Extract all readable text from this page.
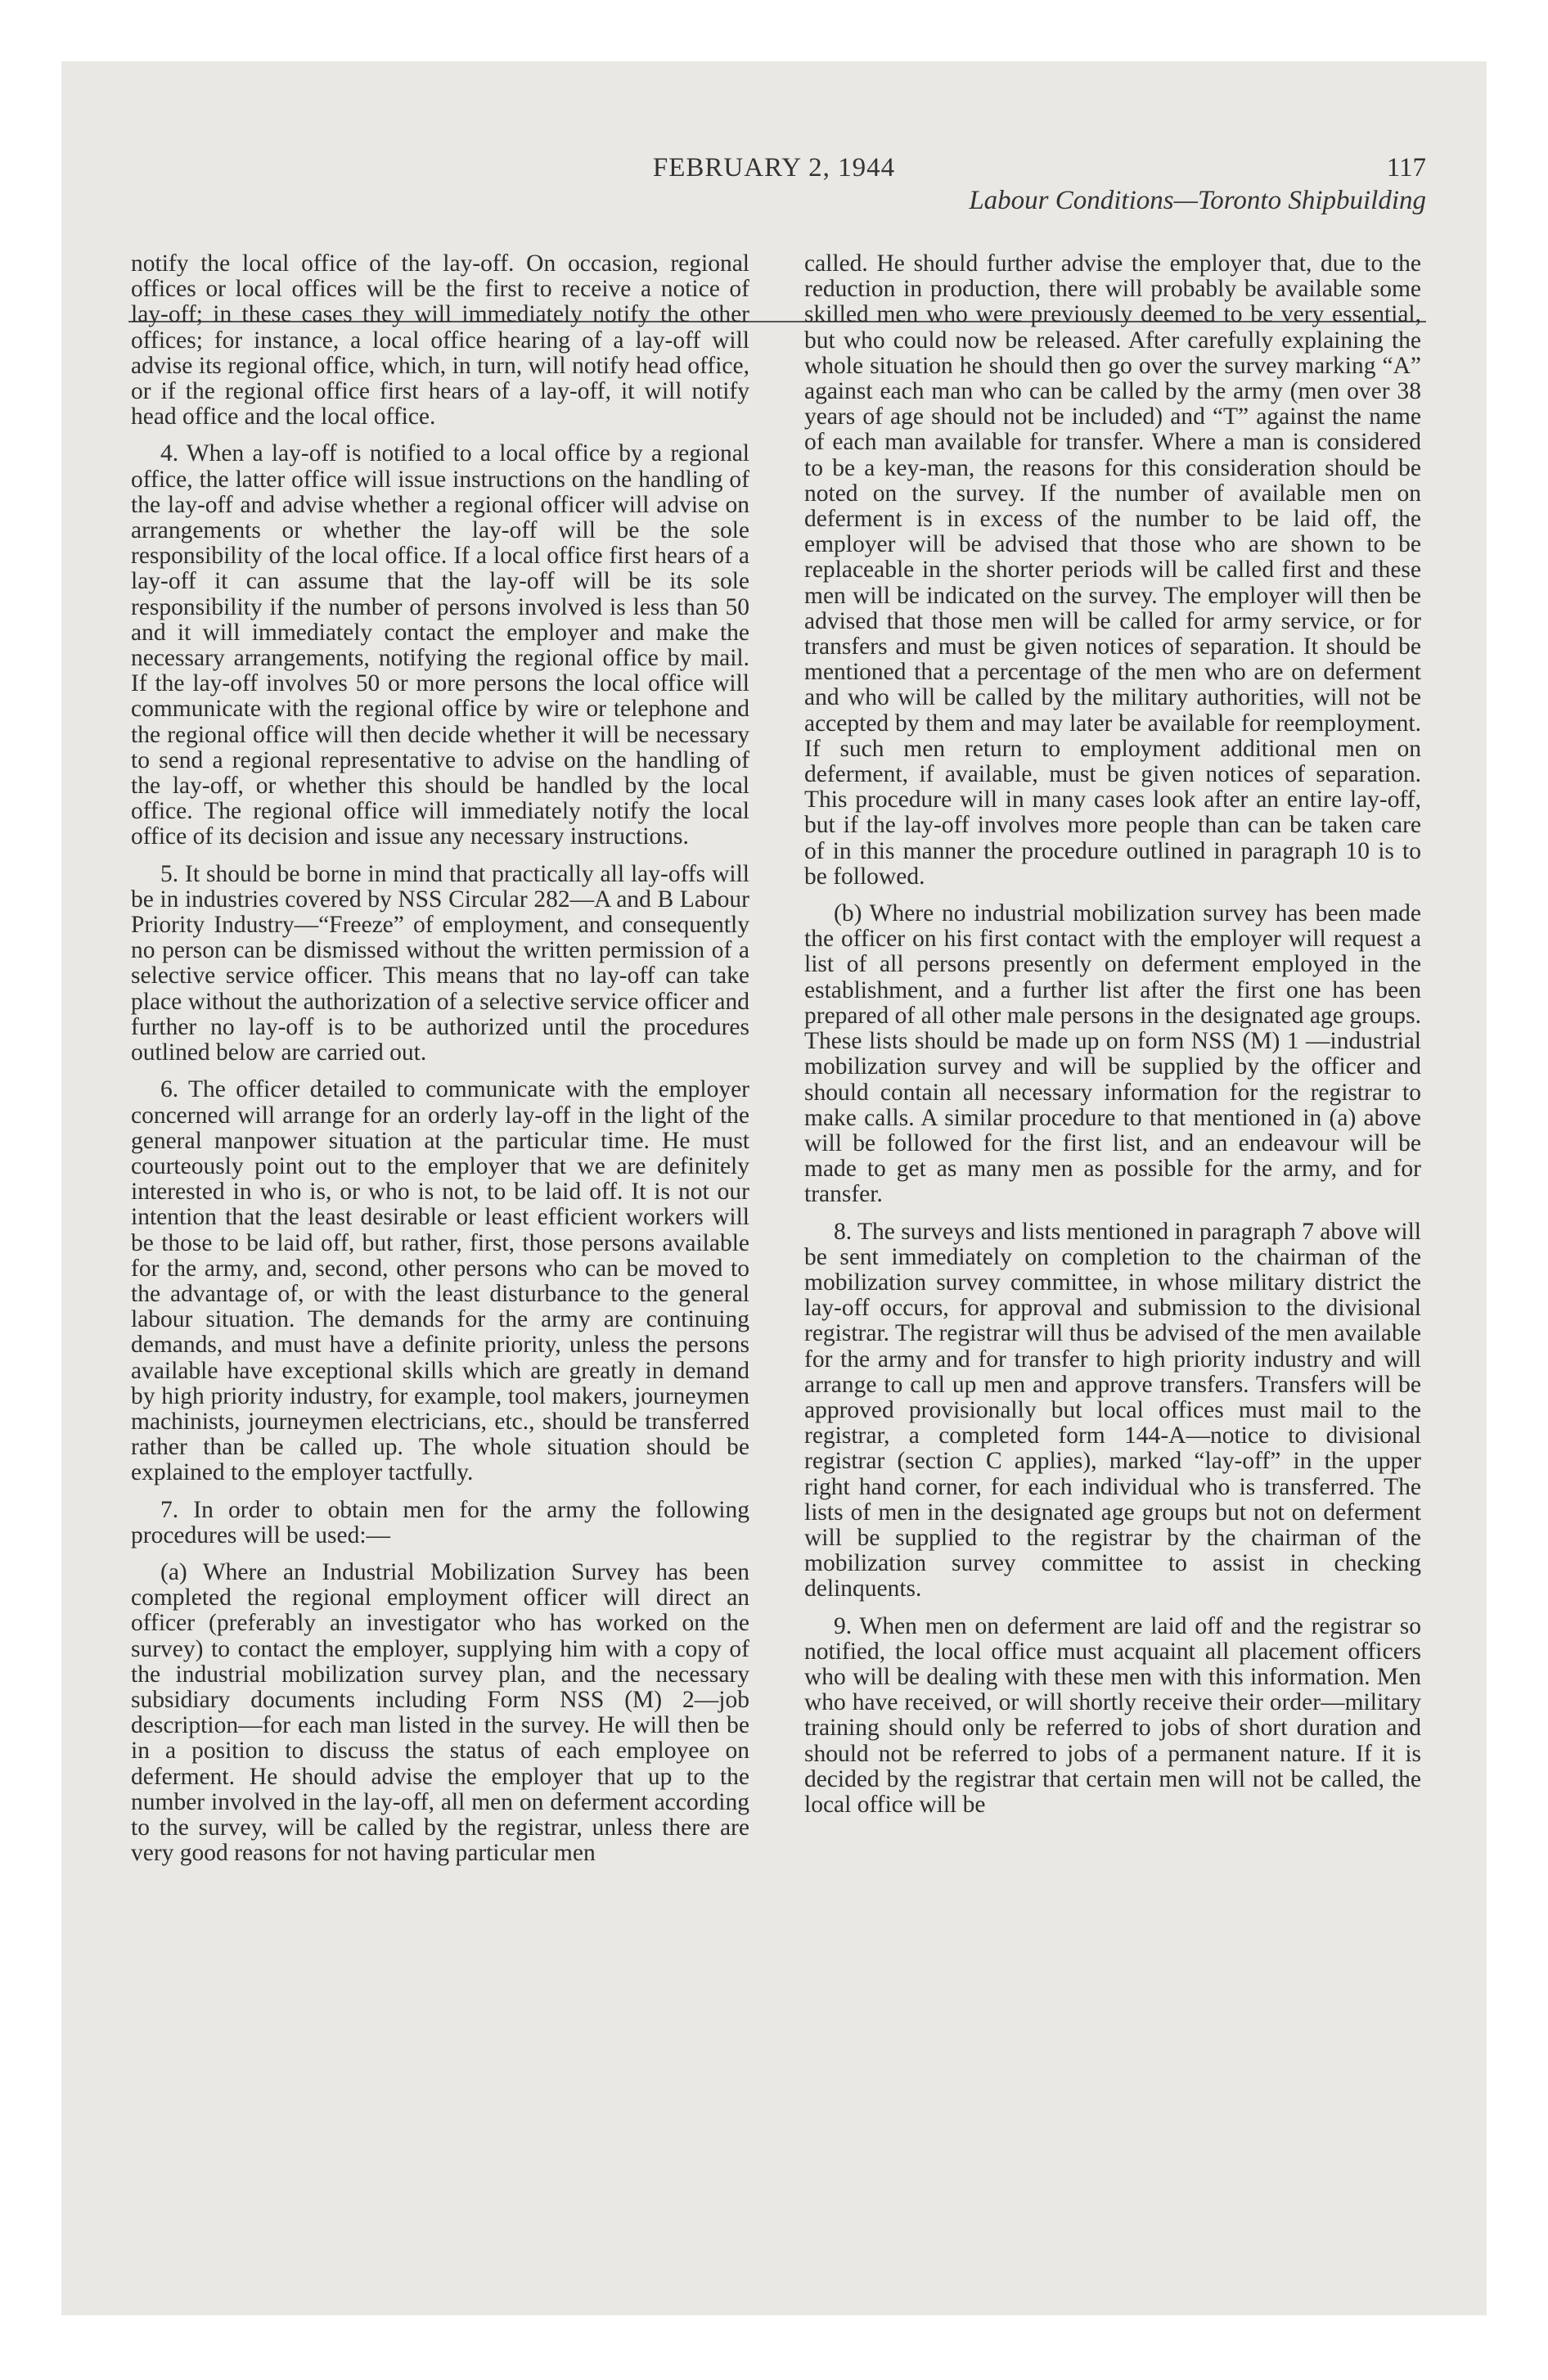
FEBRUARY 2, 1944	117
Labour Conditions—Toronto Shipbuilding

notify the local office of the lay-off. On occasion, regional offices or local offices will be the first to receive a notice of lay-off; in these cases they will immediately notify the other offices; for instance, a local office hearing of a lay-off will advise its regional office, which, in turn, will notify head office, or if the regional office first hears of a lay-off, it will notify head office and the local office.

4. When a lay-off is notified to a local office by a regional office, the latter office will issue instructions on the handling of the lay-off and advise whether a regional officer will advise on arrangements or whether the lay-off will be the sole responsibility of the local office. If a local office first hears of a lay-off it can assume that the lay-off will be its sole responsibility if the number of persons involved is less than 50 and it will immediately contact the employer and make the necessary arrangements, notifying the regional office by mail. If the lay-off involves 50 or more persons the local office will communicate with the regional office by wire or telephone and the regional office will then decide whether it will be necessary to send a regional representative to advise on the handling of the lay-off, or whether this should be handled by the local office. The regional office will immediately notify the local office of its decision and issue any necessary instructions.

5. It should be borne in mind that practically all lay-offs will be in industries covered by NSS Circular 282—A and B Labour Priority Industry—“Freeze” of employment, and consequently no person can be dismissed without the written permission of a selective service officer. This means that no lay-off can take place without the authorization of a selective service officer and further no lay-off is to be authorized until the procedures outlined below are carried out.

6. The officer detailed to communicate with the employer concerned will arrange for an orderly lay-off in the light of the general manpower situation at the particular time. He must courteously point out to the employer that we are definitely interested in who is, or who is not, to be laid off. It is not our intention that the least desirable or least efficient workers will be those to be laid off, but rather, first, those persons available for the army, and, second, other persons who can be moved to the advantage of, or with the least disturbance to the general labour situation. The demands for the army are continuing demands, and must have a definite priority, unless the persons available have exceptional skills which are greatly in demand by high priority industry, for example, tool makers, journeymen machinists, journeymen electricians, etc., should be transferred rather than be called up. The whole situation should be explained to the employer tactfully.

7. In order to obtain men for the army the following procedures will be used:—

(a) Where an Industrial Mobilization Survey has been completed the regional employment officer will direct an officer (preferably an investigator who has worked on the survey) to contact the employer, supplying him with a copy of the industrial mobilization survey plan, and the necessary subsidiary documents including Form NSS (M) 2—job description—for each man listed in the survey. He will then be in a position to discuss the status of each employee on deferment. He should advise the employer that up to the number involved in the lay-off, all men on deferment according to the survey, will be called by the registrar, unless there are very good reasons for not having particular men

called. He should further advise the employer that, due to the reduction in production, there will probably be available some skilled men who were previously deemed to be very essential, but who could now be released. After carefully explaining the whole situation he should then go over the survey marking “A” against each man who can be called by the army (men over 38 years of age should not be included) and “T” against the name of each man available for transfer. Where a man is considered to be a key-man, the reasons for this consideration should be noted on the survey. If the number of available men on deferment is in excess of the number to be laid off, the employer will be advised that those who are shown to be replaceable in the shorter periods will be called first and these men will be indicated on the survey. The employer will then be advised that those men will be called for army service, or for transfers and must be given notices of separation. It should be mentioned that a percentage of the men who are on deferment and who will be called by the military authorities, will not be accepted by them and may later be available for reemployment. If such men return to employment additional men on deferment, if available, must be given notices of separation. This procedure will in many cases look after an entire lay-off, but if the lay-off involves more people than can be taken care of in this manner the procedure outlined in paragraph 10 is to be followed.

(b) Where no industrial mobilization survey has been made the officer on his first contact with the employer will request a list of all persons presently on deferment employed in the establishment, and a further list after the first one has been prepared of all other male persons in the designated age groups. These lists should be made up on form NSS (M) 1 —industrial mobilization survey and will be supplied by the officer and should contain all necessary information for the registrar to make calls. A similar procedure to that mentioned in (a) above will be followed for the first list, and an endeavour will be made to get as many men as possible for the army, and for transfer.

8. The surveys and lists mentioned in paragraph 7 above will be sent immediately on completion to the chairman of the mobilization survey committee, in whose military district the lay-off occurs, for approval and submission to the divisional registrar. The registrar will thus be advised of the men available for the army and for transfer to high priority industry and will arrange to call up men and approve transfers. Transfers will be approved provisionally but local offices must mail to the registrar, a completed form 144-A—notice to divisional registrar (section C applies), marked “lay-off” in the upper right hand corner, for each individual who is transferred. The lists of men in the designated age groups but not on deferment will be supplied to the registrar by the chairman of the mobilization survey committee to assist in checking delinquents.

9. When men on deferment are laid off and the registrar so notified, the local office must acquaint all placement officers who will be dealing with these men with this information. Men who have received, or will shortly receive their order—military training should only be referred to jobs of short duration and should not be referred to jobs of a permanent nature. If it is decided by the registrar that certain men will not be called, the local office will be
